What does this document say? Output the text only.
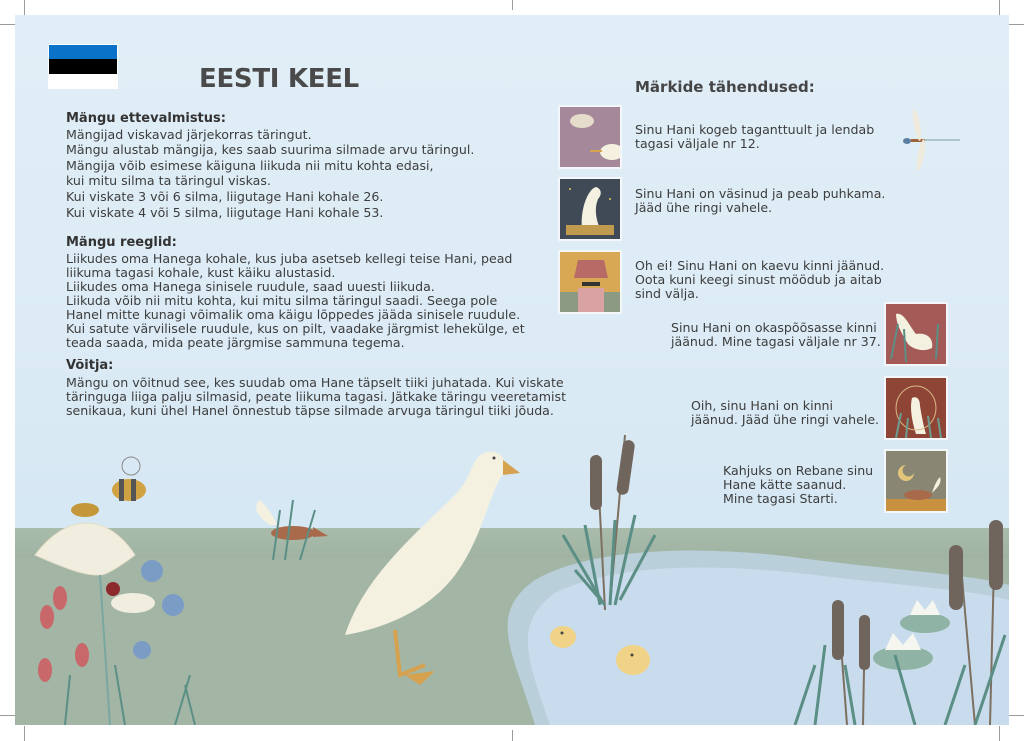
EESTI KEEL
Mängu ettevalmistus:

Mängijad viskavad järjekorras täringut.

Mängu alustab mängija, kes saab suurima silmade arvu täringul.

Mängija võib esimese käiguna liikuda nii mitu kohta edasi,

kui mitu silma ta täringul viskas.

Kui viskate 3 või 6 silma, liigutage Hani kohale 26.

Kui viskate 4 või 5 silma, liigutage Hani kohale 53.

Mängu reeglid:

Liikudes oma Hanega kohale, kus juba asetseb kellegi teise Hani, pead

liikuma tagasi kohale, kust käiku alustasid.

Liikudes oma Hanega sinisele ruudule, saad uuesti liikuda.

Liikuda võib nii mitu kohta, kui mitu silma täringul saadi. Seega pole

Hanel mitte kunagi võimalik oma käigu lõppedes jääda sinisele ruudule.

Kui satute värvilisele ruudule, kus on pilt, vaadake järgmist lehekülge, et

teada saada, mida peate järgmise sammuna tegema.

Võitja:

Mängu on võitnud see, kes suudab oma Hane täpselt tiiki juhatada. Kui viskate

täringuga liiga palju silmasid, peate liikuma tagasi. Jätkake täringu veeretamist

senikaua, kuni ühel Hanel õnnestub täpse silmade arvuga täringul tiiki jõuda.

Märkide tähendused:

Sinu Hani kogeb taganttuult ja lendab

tagasi väljale nr 12.

Sinu Hani on väsinud ja peab puhkama.

Jääd ühe ringi vahele.

Oh ei! Sinu Hani on kaevu kinni jäänud.

Oota kuni keegi sinust möödub ja aitab

sind välja.

Sinu Hani on okaspõõsasse kinni

jäänud. Mine tagasi väljale nr 37.

Oih, sinu Hani on kinni

jäänud. Jääd ühe ringi vahele.

Kahjuks on Rebane sinu

Hane kätte saanud.

Mine tagasi Starti.
